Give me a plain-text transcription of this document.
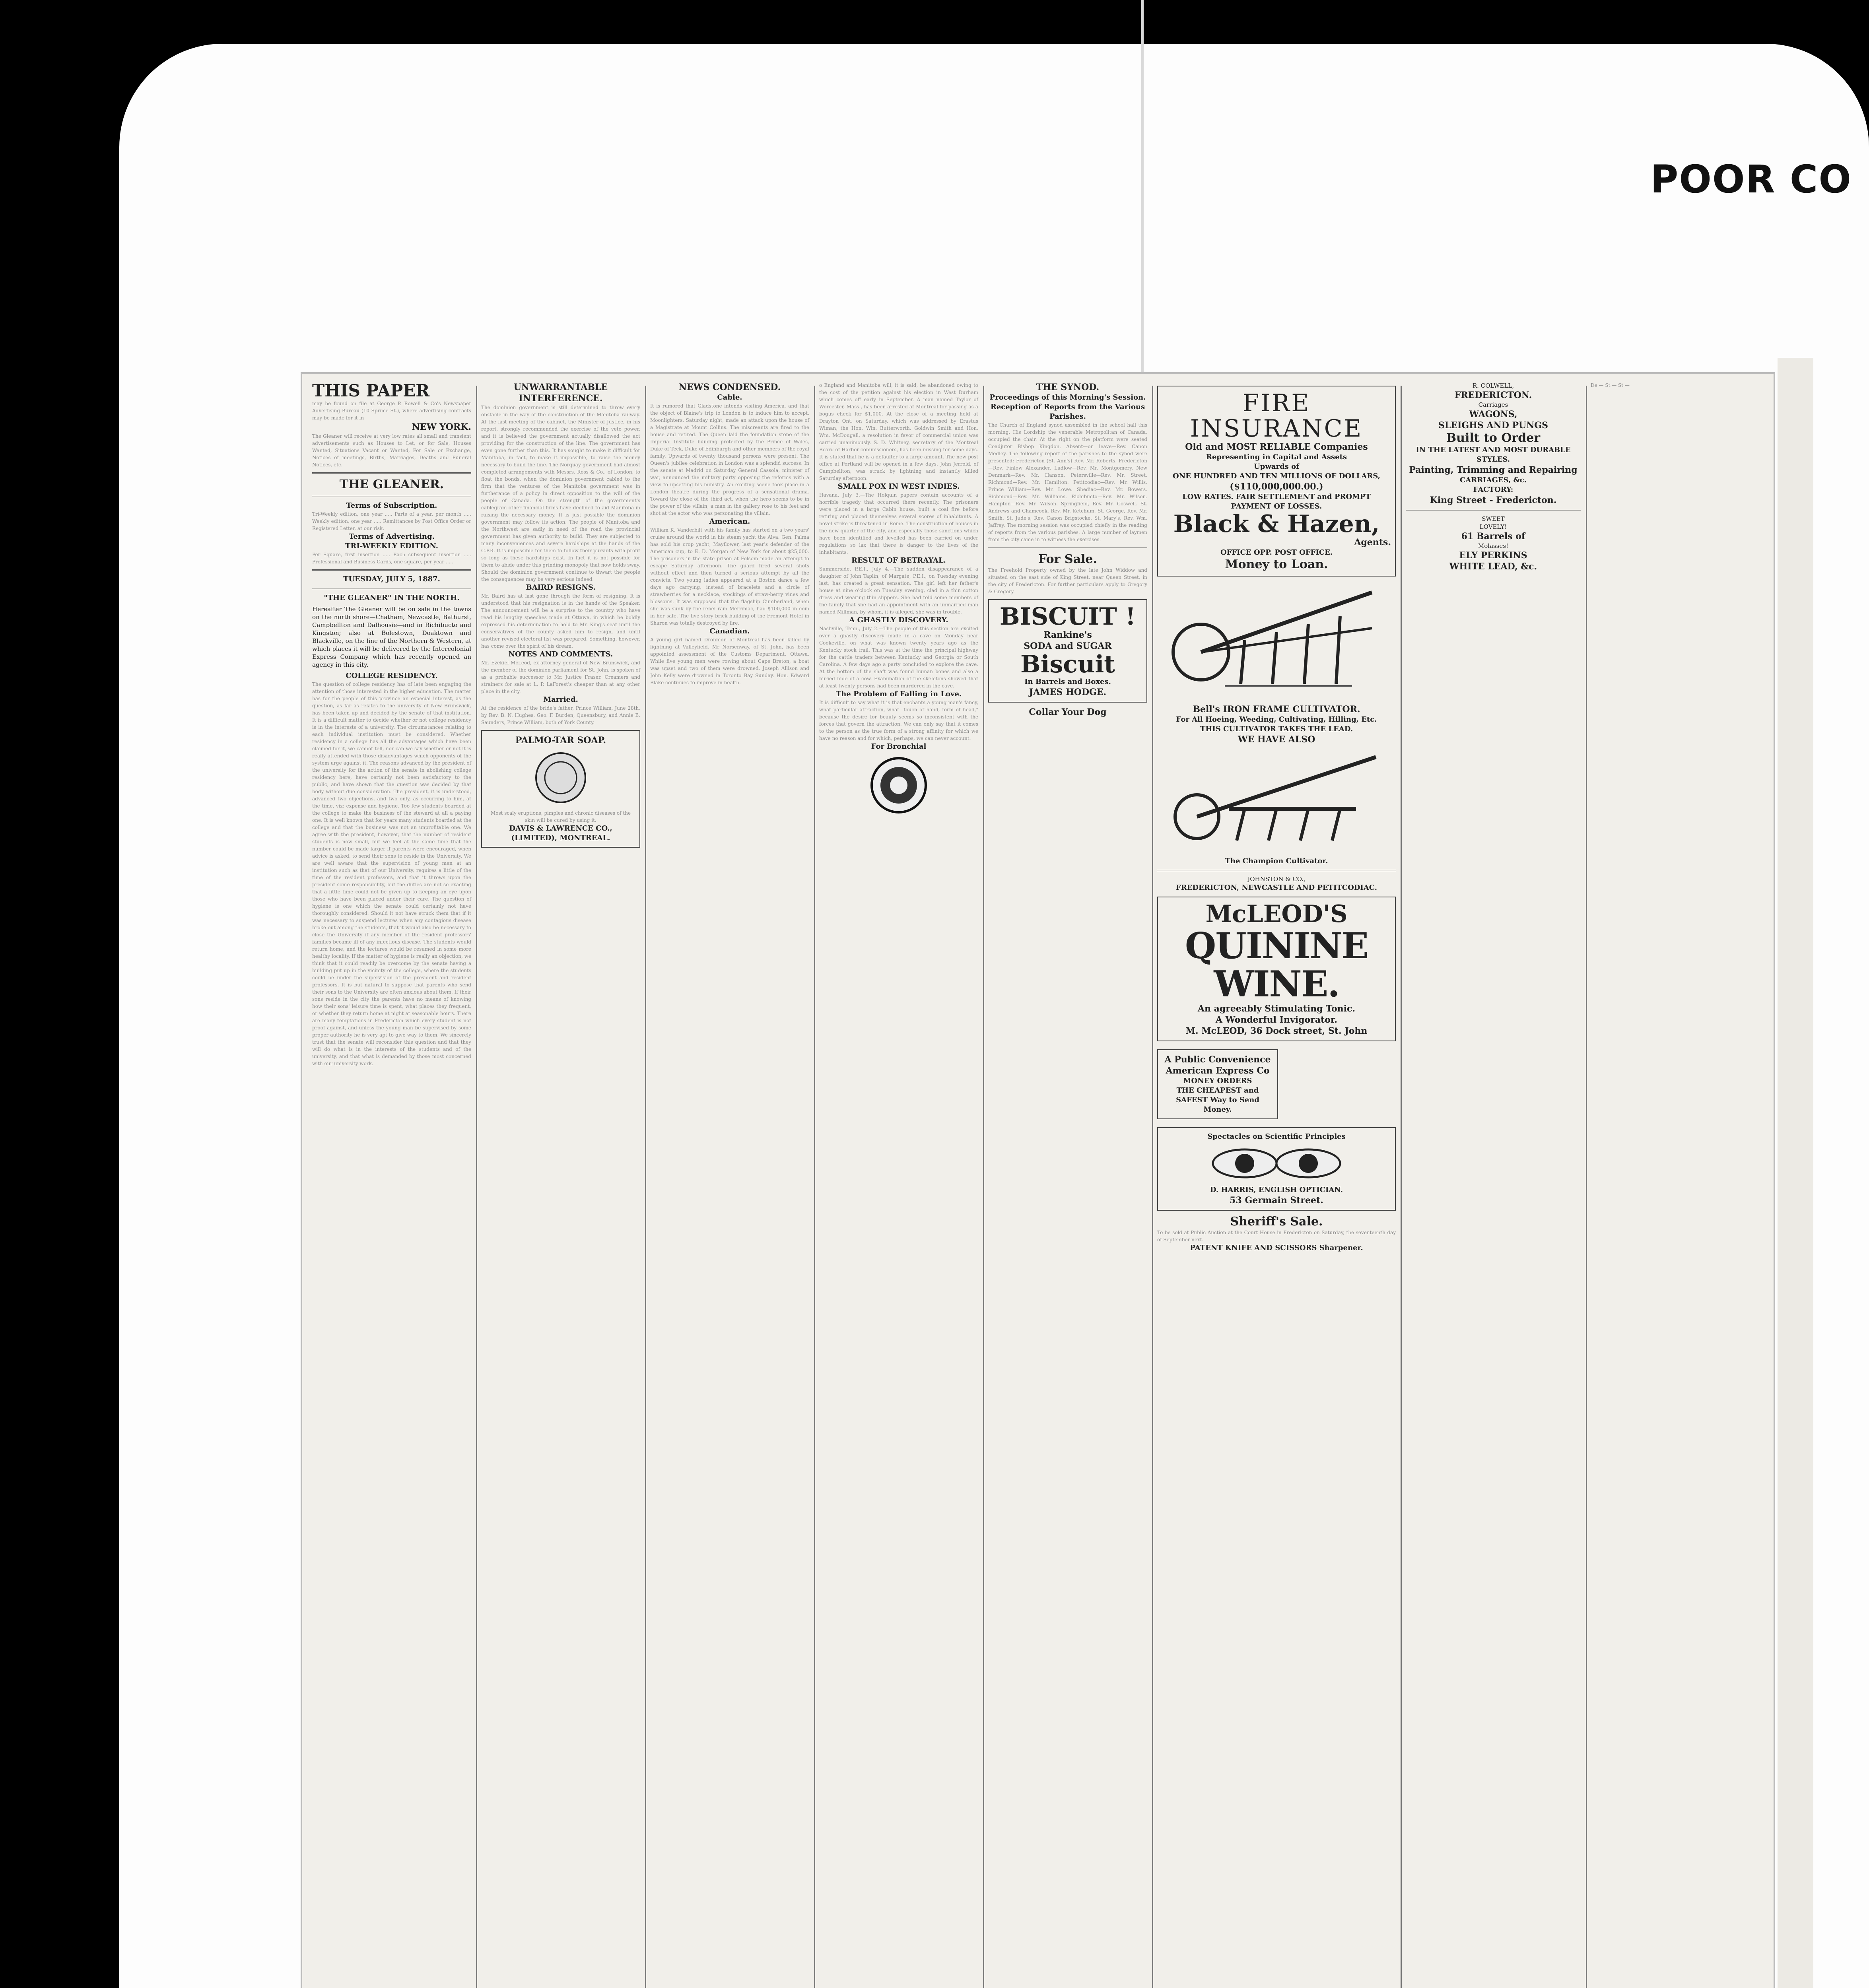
POOR CO
THIS PAPER
may be found on file at George P. Rowell & Co's Newspaper Advertising Bureau (10 Spruce St.), where advertising contracts may be made for it in
NEW YORK.
The Gleaner will receive at very low rates all small and transient advertisements such as Houses to Let, or for Sale, Houses Wanted, Situations Vacant or Wanted, For Sale or Exchange, Notices of meetings, Births, Marriages, Deaths and Funeral Notices, etc.
THE GLEANER.
Terms of Subscription.
Tri-Weekly edition, one year ..... Parts of a year, per month ..... Weekly edition, one year ..... Remittances by Post Office Order or Registered Letter, at our risk.
Terms of Advertising.
TRI-WEEKLY EDITION.
Per Square, first insertion ..... Each subsequent insertion ..... Professional and Business Cards, one square, per year .....
TUESDAY, JULY 5, 1887.
"THE GLEANER" IN THE NORTH.

Hereafter The Gleaner will be on sale in the towns on the north shore—Chatham, Newcastle, Bathurst, Campbellton and Dalhousie—and in Richibucto and Kingston; also at Bolestown, Doaktown and Blackville, on the line of the Northern & Western, at which places it will be delivered by the Intercolonial Express Company which has recently opened an agency in this city.

COLLEGE RESIDENCY.
The question of college residency has of late been engaging the attention of those interested in the higher education. The matter has for the people of this province an especial interest, as the question, as far as relates to the university of New Brunswick, has been taken up and decided by the senate of that institution. It is a difficult matter to decide whether or not college residency is in the interests of a university. The circumstances relating to each individual institution must be considered. Whether residency in a college has all the advantages which have been claimed for it, we cannot tell, nor can we say whether or not it is really attended with those disadvantages which opponents of the system urge against it. The reasons advanced by the president of the university for the action of the senate in abolishing college residency here, have certainly not been satisfactory to the public, and have shown that the question was decided by that body without due consideration. The president, it is understood, advanced two objections, and two only, as occurring to him, at the time, viz: expense and hygiene. Too few students boarded at the college to make the business of the steward at all a paying one. It is well known that for years many students boarded at the college and that the business was not an unprofitable one. We agree with the president, however, that the number of resident students is now small, but we feel at the same time that the number could be made larger if parents were encouraged, when advice is asked, to send their sons to reside in the University. We are well aware that the supervision of young men at an institution such as that of our University, requires a little of the time of the resident professors, and that it throws upon the president some responsibility, but the duties are not so exacting that a little time could not be given up to keeping an eye upon those who have been placed under their care. The question of hygiene is one which the senate could certainly not have thoroughly considered. Should it not have struck them that if it was necessary to suspend lectures when any contagious disease broke out among the students, that it would also be necessary to close the University if any member of the resident professors' families became ill of any infectious disease. The students would return home, and the lectures would be resumed in some more healthy locality. If the matter of hygiene is really an objection, we think that it could readily be overcome by the senate having a building put up in the vicinity of the college, where the students could be under the supervision of the president and resident professors. It is but natural to suppose that parents who send their sons to the University are often anxious about them. If their sons reside in the city the parents have no means of knowing how their sons' leisure time is spent, what places they frequent, or whether they return home at night at seasonable hours. There are many temptations in Fredericton which every student is not proof against, and unless the young man be supervised by some proper authority he is very apt to give way to them. We sincerely trust that the senate will reconsider this question and that they will do what is in the interests of the students and of the university, and that what is demanded by those most concerned with our university work.
UNWARRANTABLE INTERFERENCE.
The dominion government is still determined to throw every obstacle in the way of the construction of the Manitoba railway. At the last meeting of the cabinet, the Minister of Justice, in his report, strongly recommended the exercise of the veto power, and it is believed the government actually disallowed the act providing for the construction of the line. The government has even gone further than this. It has sought to make it difficult for Manitoba, in fact, to make it impossible, to raise the money necessary to build the line. The Norquay government had almost completed arrangements with Messrs. Ross & Co., of London, to float the bonds, when the dominion government cabled to the firm that the ventures of the Manitoba government was in furtherance of a policy in direct opposition to the will of the people of Canada. On the strength of the government's cablegram other financial firms have declined to aid Manitoba in raising the necessary money. It is just possible the dominion government may follow its action. The people of Manitoba and the Northwest are sadly in need of the road the provincial government has given authority to build. They are subjected to many inconveniences and severe hardships at the hands of the C.P.R. It is impossible for them to follow their pursuits with profit so long as these hardships exist. In fact it is not possible for them to abide under this grinding monopoly that now holds sway. Should the dominion government continue to thwart the people the consequences may be very serious indeed.
BAIRD RESIGNS.
Mr. Baird has at last gone through the form of resigning. It is understood that his resignation is in the hands of the Speaker. The announcement will be a surprise to the country who have read his lengthy speeches made at Ottawa, in which he boldly expressed his determination to hold to Mr. King's seat until the conservatives of the county asked him to resign, and until another revised electoral list was prepared. Something, however, has come over the spirit of his dream.
NOTES AND COMMENTS.
Mr. Ezekiel McLeod, ex-attorney general of New Brunswick, and the member of the dominion parliament for St. John, is spoken of as a probable successor to Mr. Justice Fraser. Creamers and strainers for sale at L. P. LaForest's cheaper than at any other place in the city.
Married.
At the residence of the bride's father, Prince William, June 28th, by Rev. B. N. Hughes, Geo. F. Burden, Queensbury, and Annie B. Saunders, Prince William, both of York County.
PALMO-TAR SOAP.
Most scaly eruptions, pimples and chronic diseases of the skin will be cured by using it.
DAVIS & LAWRENCE CO., (LIMITED), MONTREAL.
NEWS CONDENSED.
Cable.
It is rumored that Gladstone intends visiting America, and that the object of Blaine's trip to London is to induce him to accept. Moonlighters, Saturday night, made an attack upon the house of a Magistrate at Mount Collins. The miscreants are fired to the house and retired. The Queen laid the foundation stone of the Imperial Institute building protected by the Prince of Wales, Duke of Teck, Duke of Edinburgh and other members of the royal family. Upwards of twenty thousand persons were present. The Queen's jubilee celebration in London was a splendid success. In the senate at Madrid on Saturday General Cassola, minister of war, announced the military party opposing the reforms with a view to upsetting his ministry. An exciting scene took place in a London theatre during the progress of a sensational drama. Toward the close of the third act, when the hero seems to be in the power of the villain, a man in the gallery rose to his feet and shot at the actor who was personating the villain.
American.
William K. Vanderbilt with his family has started on a two years' cruise around the world in his steam yacht the Alva. Gen. Palma has sold his crop yacht, Mayflower, last year's defender of the American cup, to E. D. Morgan of New York for about $25,000. The prisoners in the state prison at Folsom made an attempt to escape Saturday afternoon. The guard fired several shots without effect and then turned a serious attempt by all the convicts. Two young ladies appeared at a Boston dance a few days ago carrying, instead of bracelets and a circle of strawberries for a necklace, stockings of straw-berry vines and blossoms. It was supposed that the flagship Cumberland, when she was sunk by the rebel ram Merrimac, had $100,000 in coin in her safe. The five story brick building of the Fremont Hotel in Sharon was totally destroyed by fire.
Canadian.
A young girl named Dronnion of Montreal has been killed by lightning at Valleyfield. Mr Norsenway, of St. John, has been appointed assessment of the Customs Department, Ottawa. While five young men were rowing about Cape Breton, a boat was upset and two of them were drowned. Joseph Allison and John Kelly were drowned in Toronto Bay Sunday. Hon. Edward Blake continues to improve in health.
o England and Manitoba will, it is said, be abandoned owing to the cost of the petition against his election in West Durham which comes off early in September. A man named Taylor of Worcester, Mass., has been arrested at Montreal for passing as a bogus check for $1,000. At the close of a meeting held at Drayton Ont. on Saturday, which was addressed by Erastus Wiman, the Hon. Win. Butterworth, Goldwin Smith and Hon. Wm. McDougall, a resolution in favor of commercial union was carried unanimously. S. D. Whitney, secretary of the Montreal Board of Harbor commissioners, has been missing for some days. It is stated that he is a defaulter to a large amount. The new post office at Portland will be opened in a few days. John Jerrold, of Campbellton, was struck by lightning and instantly killed Saturday afternoon.
SMALL POX IN WEST INDIES.
Havana, July 3.—The Holquin papers contain accounts of a horrible tragedy that occurred there recently. The prisoners were placed in a large Cabin house, built a coal fire before retiring and placed themselves several scores of inhabitants. A novel strike is threatened in Rome. The construction of houses in the new quarter of the city, and especially those sanctions which have been identified and levelled has been carried on under regulations so lax that there is danger to the lives of the inhabitants.
RESULT OF BETRAYAL.
Summerside, P.E.I., July 4.—The sudden disappearance of a daughter of John Taplin, of Margate, P.E.I., on Tuesday evening last, has created a great sensation. The girl left her father's house at nine o'clock on Tuesday evening, clad in a thin cotton dress and wearing thin slippers. She had told some members of the family that she had an appointment with an unmarried man named Millman, by whom, it is alleged, she was in trouble.
A GHASTLY DISCOVERY.
Nashville, Tenn., July 2.—The people of this section are excited over a ghastly discovery made in a cave on Monday near Cookeville, on what was known twenty years ago as the Kentucky stock trail. This was at the time the principal highway for the cattle traders between Kentucky and Georgia or South Carolina. A few days ago a party concluded to explore the cave. At the bottom of the shaft was found human bones and also a buried hide of a cow. Examination of the skeletons showed that at least twenty persons had been murdered in the cave.
The Problem of Falling in Love.
It is difficult to say what it is that enchants a young man's fancy, what particular attraction, what "touch of hand, form of head," because the desire for beauty seems so inconsistent with the forces that govern the attraction. We can only say that it comes to the person as the true form of a strong affinity for which we have no reason and for which, perhaps, we can never account.
For Bronchial
THE SYNOD.
Proceedings of this Morning's Session.
Reception of Reports from the Various Parishes.
The Church of England synod assembled in the school hall this morning. His Lordship the venerable Metropolitan of Canada, occupied the chair. At the right on the platform were seated Coadjutor Bishop Kingdon. Absent—on leave—Rev. Canon Medley. The following report of the parishes to the synod were presented: Fredericton (St. Ann's) Rev. Mr. Roberts. Fredericton—Rev. Finlow Alexander. Ludlow—Rev. Mr. Montgomery. New Denmark—Rev. Mr. Hanson. Petersville—Rev. Mr. Street. Richmond—Rev. Mr. Hamilton. Petitcodiac—Rev. Mr. Willis. Prince William—Rev. Mr. Lowe. Shediac—Rev. Mr. Bowers. Richmond—Rev. Mr. Williams. Richibucto—Rev. Mr. Wilson. Hampton—Rev. Mr. Wilson. Springfield, Rev. Mr. Coswell. St. Andrews and Chamcook, Rev. Mr. Ketchum. St. George, Rev. Mr. Smith. St. Jude's, Rev. Canon Brigstocke. St. Mary's, Rev. Wm. Jaffrey. The morning session was occupied chiefly in the reading of reports from the various parishes. A large number of laymen from the city came in to witness the exercises.
For Sale.
The Freehold Property owned by the late John Widdow and situated on the east side of King Street, near Queen Street, in the city of Fredericton. For further particulars apply to Gregory & Gregory.
BISCUIT !
Rankine's
SODA and SUGAR
Biscuit
In Barrels and Boxes.
JAMES HODGE.
Collar Your Dog
FIRE INSURANCE
Old and MOST RELIABLE Companies
Representing in Capital and Assets
Upwards of
ONE HUNDRED AND TEN MILLIONS OF DOLLARS,
($110,000,000.00.)
LOW RATES. FAIR SETTLEMENT and PROMPT PAYMENT OF LOSSES.
Black & Hazen,
Agents.
OFFICE OPP. POST OFFICE.
Money to Loan.
Bell's IRON FRAME CULTIVATOR.
For All Hoeing, Weeding, Cultivating, Hilling, Etc.
THIS CULTIVATOR TAKES THE LEAD.
WE HAVE ALSO
The Champion Cultivator.
JOHNSTON & CO.,
FREDERICTON, NEWCASTLE AND PETITCODIAC.
McLEOD'S
QUININE WINE.
An agreeably Stimulating Tonic.
A Wonderful Invigorator.
M. McLEOD, 36 Dock street, St. John
A Public Convenience
American Express Co
MONEY ORDERS
THE CHEAPEST and SAFEST Way to Send Money.
Spectacles on Scientific Principles
D. HARRIS, ENGLISH OPTICIAN.
53 Germain Street.
Sheriff's Sale.
To be sold at Public Auction at the Court House in Fredericton on Saturday, the seventeenth day of September next.
PATENT KNIFE AND SCISSORS Sharpener.
R. COLWELL,
FREDERICTON.
Carriages
WAGONS,
SLEIGHS AND PUNGS
Built to Order
IN THE LATEST AND MOST DURABLE STYLES.
Painting, Trimming and Repairing
CARRIAGES, &c.
FACTORY:
King Street - Fredericton.
SWEET
LOVELY!
61 Barrels of
Molasses!
ELY PERKINS
WHITE LEAD, &c.
De — St — St —
